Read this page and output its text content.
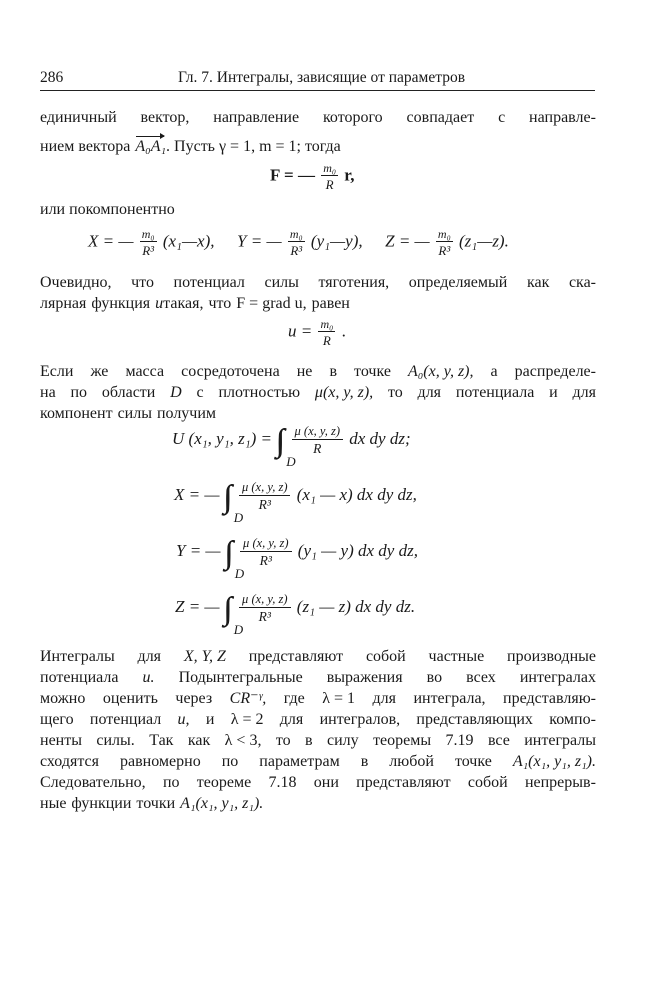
286	Гл. 7. Интегралы, зависящие от параметров
единичный вектор, направление которого совпадает с направле-
нием вектора A₀A₁ . Пусть γ = 1, m = 1; тогда
F = — $\frac{\text{m₀}}{R} r$,
или покомпонентно
X = — $\frac{\text{m₀}}{\text{R³}}$ (x₁—x), Y = — $\frac{\text{m₀}}{\text{R³}}$ (y₁—y), Z = — $\frac{\text{m₀}}{\text{R³}}$ (z₁—z).
Очевидно, что потенциал силы тяготения, определяемый как ска-
лярная функция u такая, что F = grad u, равен
$u = \frac{\text{m₀}}{R}$ .
Если же масса сосредоточена не в точке A₀(x, y, z), а распределе-
на по области D с плотностью μ(x, y, z), то для потенциала и для
компонент силы получим
U (x₁, y₁, z₁) =
D

$\frac{\mu (x, y, z)}{R}$ dx dy dz;
X = —
D

$\frac{\mu (x, y, z)}{\text{R³}} (x_1$ — x) dx dy dz,
Y = —
D

$\frac{\mu (x, y, z)}{\text{R³}} (y_1$ — y) dx dy dz,
Z = —
D

$\frac{\mu (x, y, z)}{\text{R³}} (z_1$ — z) dx dy dz.
Интегралы для X, Y, Z представляют собой частные производные
потенциала u. Подынтегральные выражения во всех интегралах
можно оценить через CR⁻ᵞ, где λ = 1 для интеграла, представляю-
щего потенциал u, и λ = 2 для интегралов, представляющих компо-
ненты силы. Так как λ < 3, то в силу теоремы 7.19 все интегралы
сходятся равномерно по параметрам в любой точке A₁(x₁, y₁, z₁).
Следовательно, по теореме 7.18 они представляют собой непрерыв-
ные функции точки A₁(x₁, y₁, z₁).
